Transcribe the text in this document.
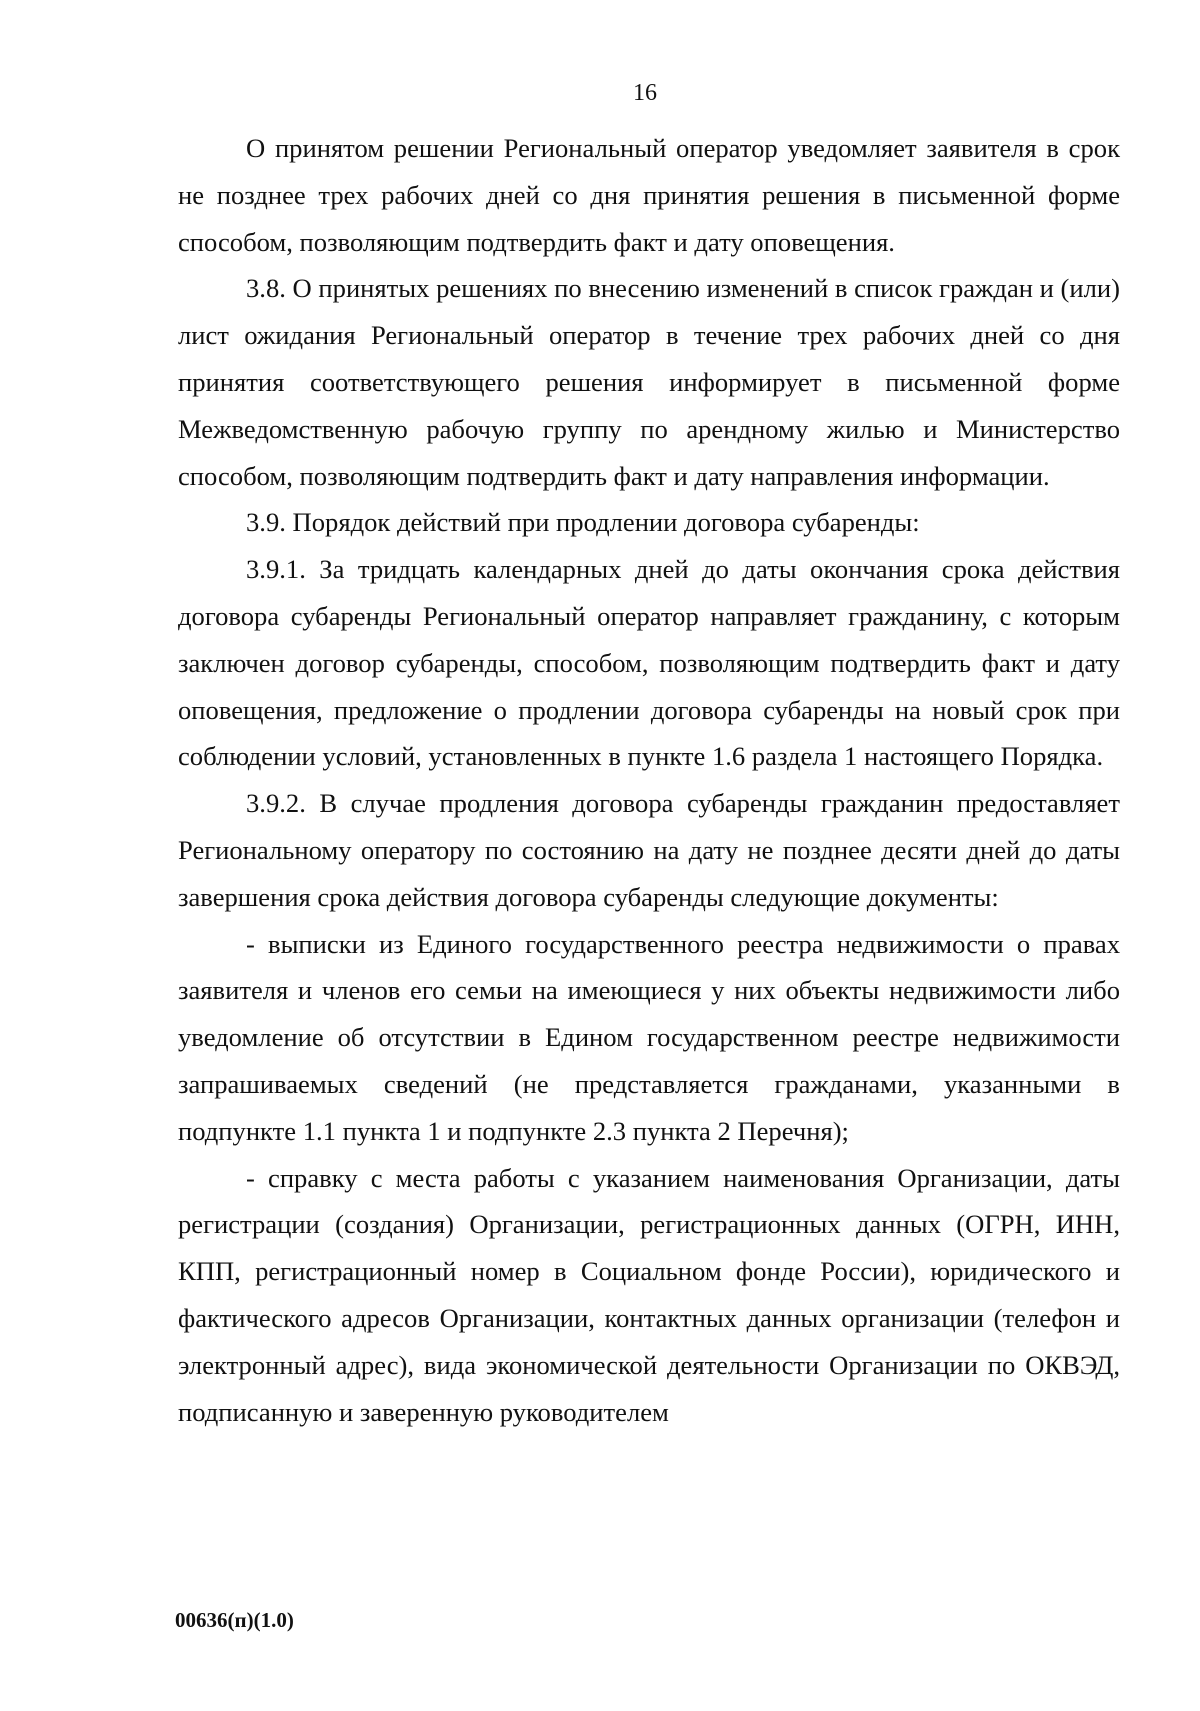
16

О принятом решении Региональный оператор уведомляет заявителя в срок не позднее трех рабочих дней со дня принятия решения в письменной форме способом, позволяющим подтвердить факт и дату оповещения.

3.8. О принятых решениях по внесению изменений в список граждан и (или) лист ожидания Региональный оператор в течение трех рабочих дней со дня принятия соответствующего решения информирует в письменной форме Межведомственную рабочую группу по арендному жилью и Министерство способом, позволяющим подтвердить факт и дату направления информации.

3.9. Порядок действий при продлении договора субаренды:

3.9.1. За тридцать календарных дней до даты окончания срока действия договора субаренды Региональный оператор направляет гражданину, с которым заключен договор субаренды, способом, позволяющим подтвердить факт и дату оповещения, предложение о продлении договора субаренды на новый срок при соблюдении условий, установленных в пункте 1.6 раздела 1 настоящего Порядка.

3.9.2. В случае продления договора субаренды гражданин предоставляет Региональному оператору по состоянию на дату не позднее десяти дней до даты завершения срока действия договора субаренды следующие документы:

- выписки из Единого государственного реестра недвижимости о правах заявителя и членов его семьи на имеющиеся у них объекты недвижимости либо уведомление об отсутствии в Едином государственном реестре недвижимости запрашиваемых сведений (не представляется гражданами, указанными в подпункте 1.1 пункта 1 и подпункте 2.3 пункта 2 Перечня);

- справку с места работы с указанием наименования Организации, даты регистрации (создания) Организации, регистрационных данных (ОГРН, ИНН, КПП, регистрационный номер в Социальном фонде России), юридического и фактического адресов Организации, контактных данных организации (телефон и электронный адрес), вида экономической деятельности Организации по ОКВЭД, подписанную и заверенную руководителем

00636(п)(1.0)
